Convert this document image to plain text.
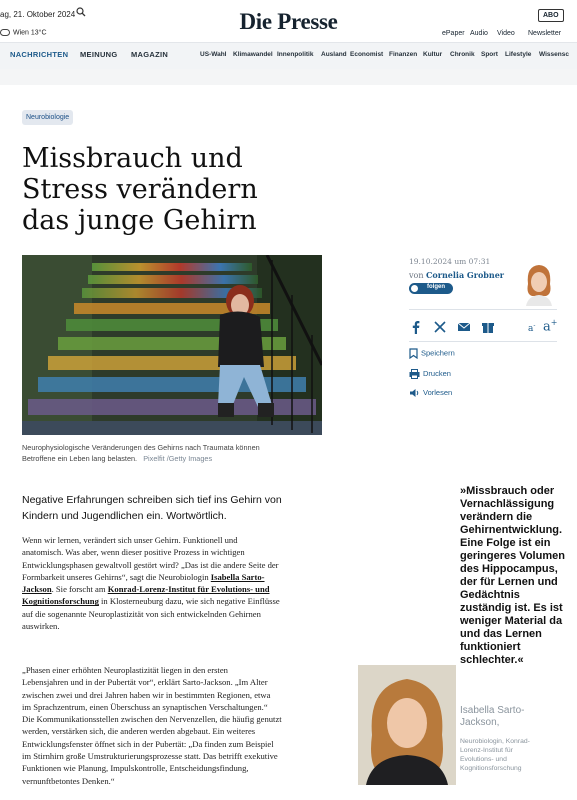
ag, 21. Oktober 2024	Die Presse	ABO
Wien 13°C	ePaper Audio Video Newsletter
NACHRICHTEN MEINUNG MAGAZIN	US-Wahl Klimawandel Innenpolitik Ausland Economist Finanzen Kultur Chronik Sport Lifestyle Wissensc
Neurobiologie
Missbrauch und
Stress verändern
das junge Gehirn
Neurophysiologische Veränderungen des Gehirns nach Traumata können
Betroffene ein Leben lang belasten. Pixelfit /Getty Images
19.10.2024 um 07:31
von Cornelia Grobner
folgen
a- a+
Speichern
Drucken
Vorlesen
Negative Erfahrungen schreiben sich tief ins Gehirn von
Kindern und Jugendlichen ein. Wortwörtlich.
Wenn wir lernen, verändert sich unser Gehirn. Funktionell und
anatomisch. Was aber, wenn dieser positive Prozess in wichtigen
Entwicklungsphasen gewaltvoll gestört wird? „Das ist die andere Seite der
Formbarkeit unseres Gehirns“, sagt die Neurobiologin Isabella Sarto-
Jackson. Sie forscht am Konrad-Lorenz-Institut für Evolutions- und
Kognitionsforschung in Klosterneuburg dazu, wie sich negative Einflüsse
auf die sogenannte Neuroplastizität von sich entwickelnden Gehirnen
auswirken.
„Phasen einer erhöhten Neuroplastizität liegen in den ersten
Lebensjahren und in der Pubertät vor“, erklärt Sarto-Jackson. „Im Alter
zwischen zwei und drei Jahren haben wir in bestimmten Regionen, etwa
im Sprachzentrum, einen Überschuss an synaptischen Verschaltungen.“
Die Kommunikationsstellen zwischen den Nervenzellen, die häufig genutzt
werden, verstärken sich, die anderen werden abgebaut. Ein weiteres
Entwicklungsfenster öffnet sich in der Pubertät: „Da finden zum Beispiel
im Stirnhirn große Umstrukturierungsprozesse statt. Das betrifft exekutive
Funktionen wie Planung, Impulskontrolle, Entscheidungsfindung,
vernunftbetontes Denken.“
»Missbrauch oder
Vernachlässigung
verändern die
Gehirnentwicklung.
Eine Folge ist ein
geringeres Volumen
des Hippocampus,
der für Lernen und
Gedächtnis
zuständig ist. Es ist
weniger Material da
und das Lernen
funktioniert
schlechter.«
Isabella Sarto-
Jackson,
Neurobiologin, Konrad-
Lorenz-Institut für
Evolutions- und
Kognitionsforschung
